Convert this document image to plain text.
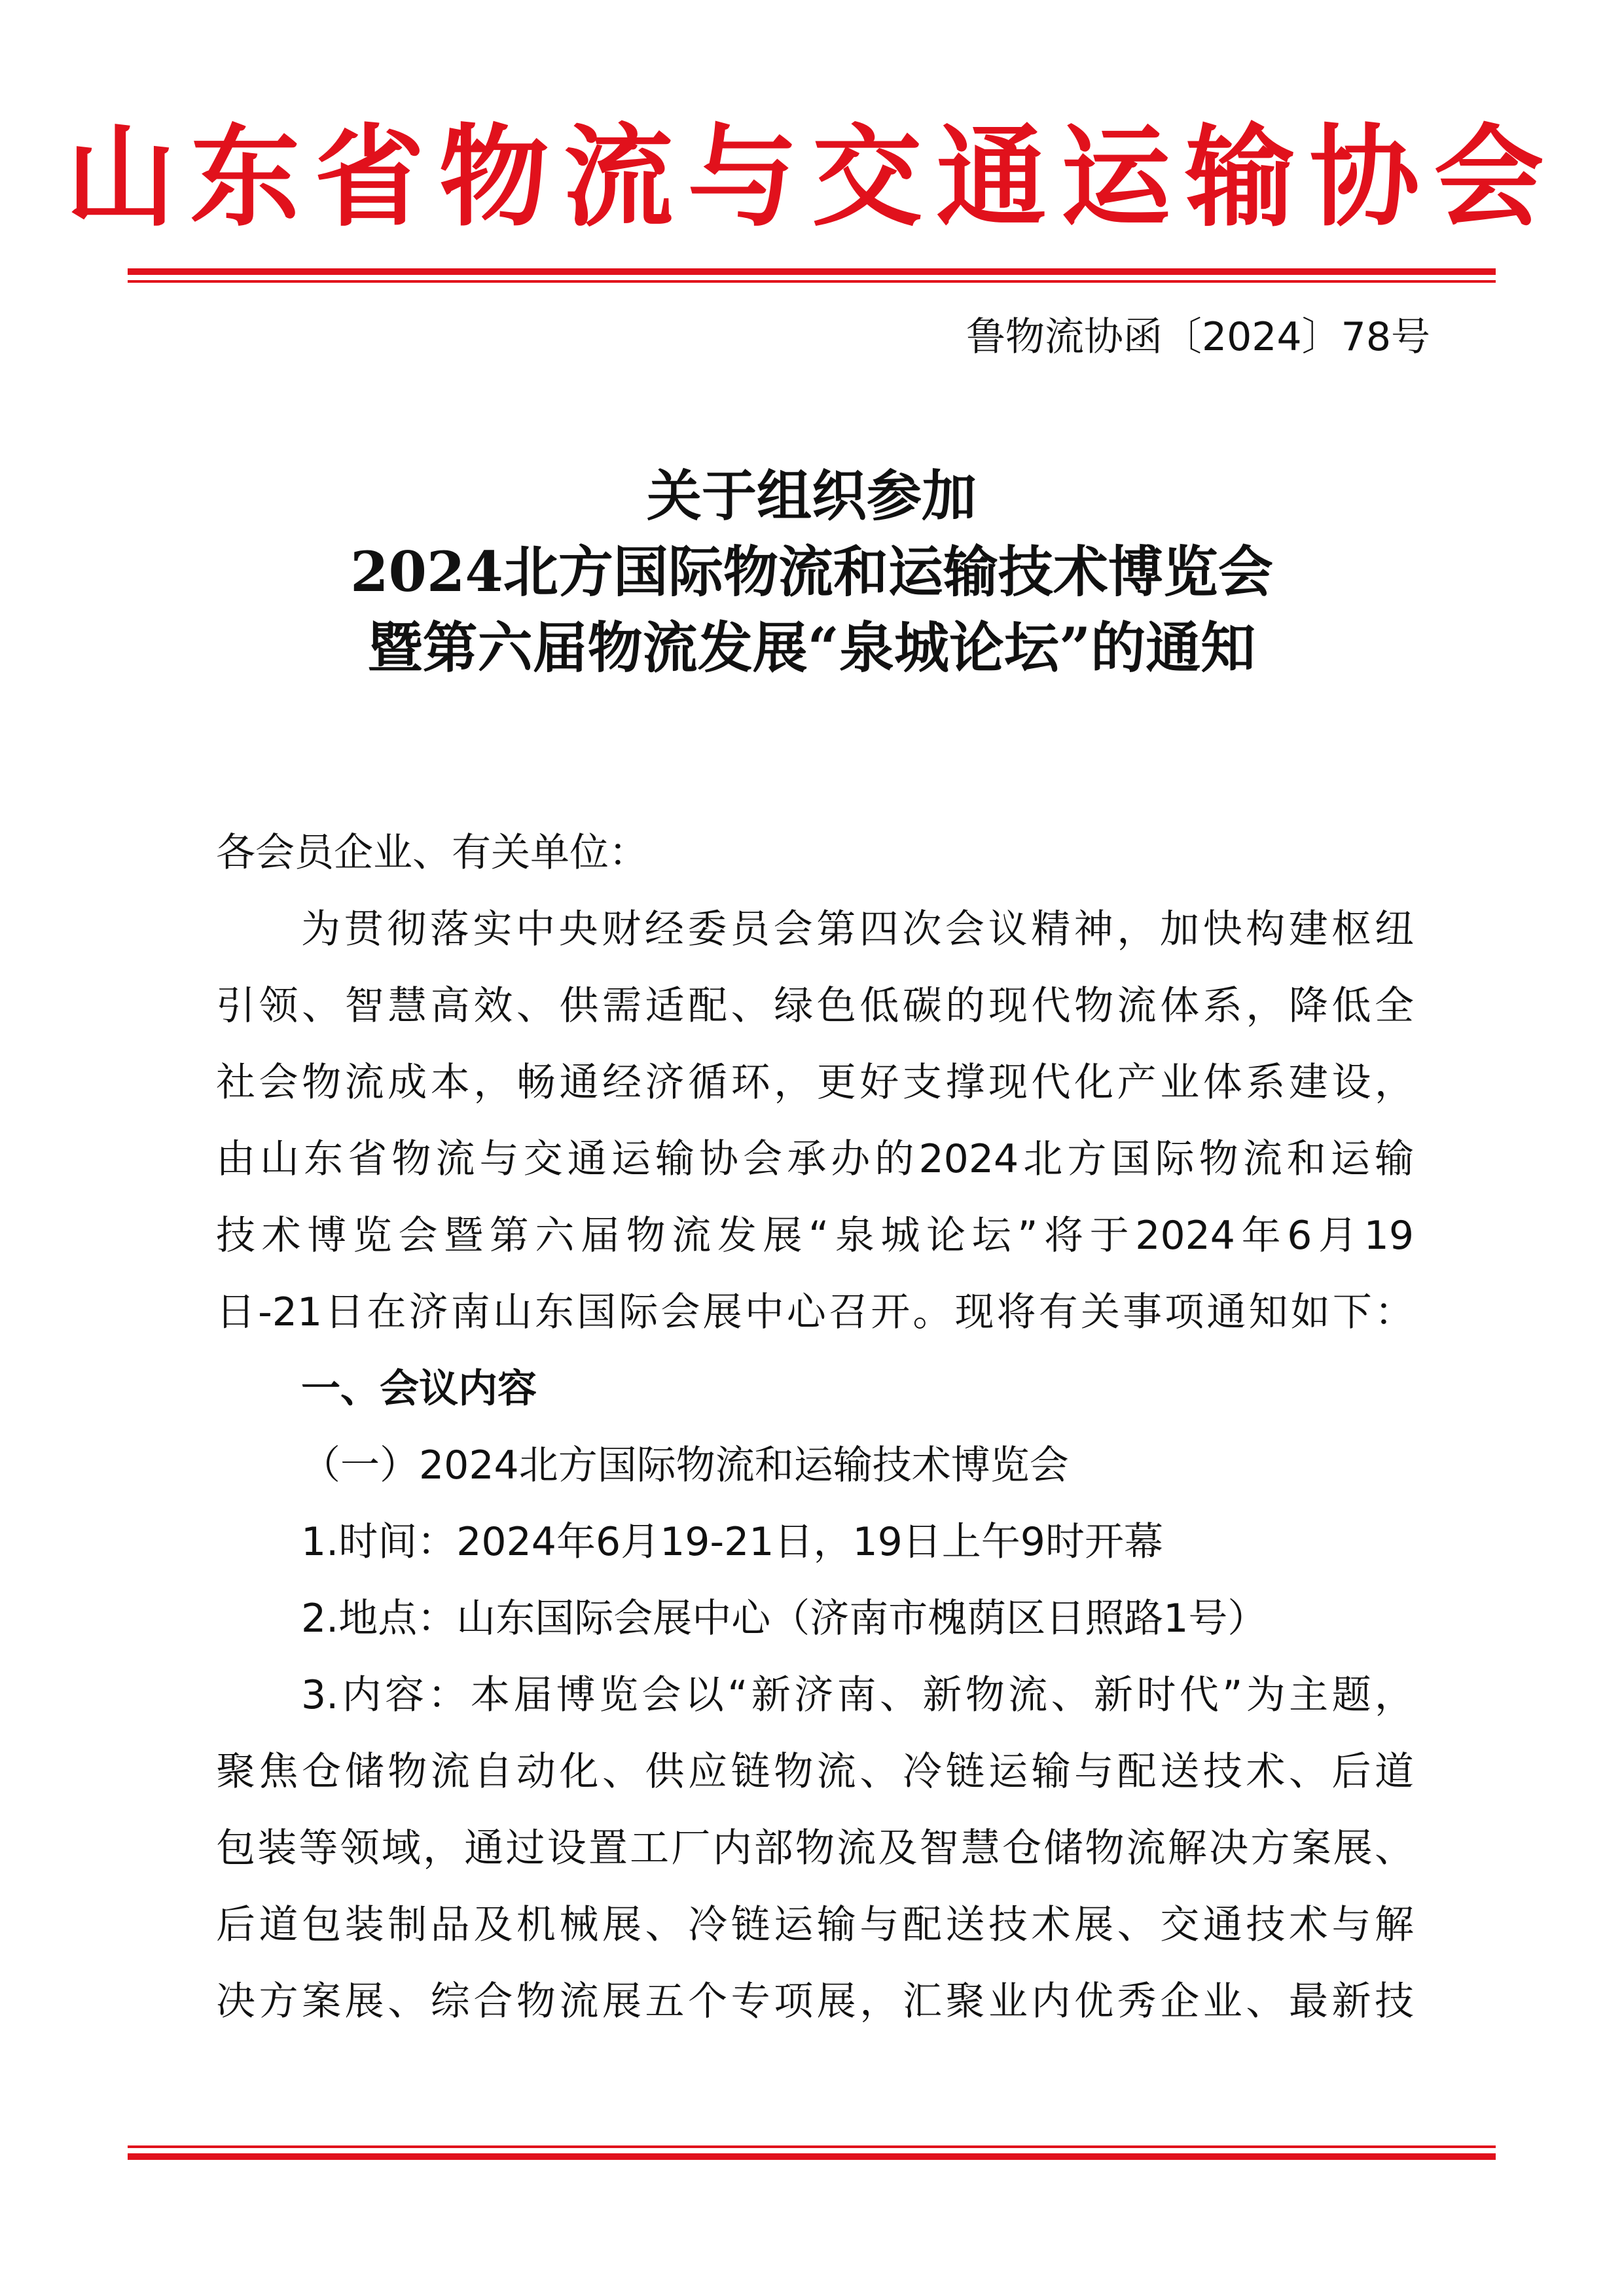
山东省物流与交通运输协会
鲁物流协函〔2024〕78号
关于组织参加
2024北方国际物流和运输技术博览会
暨第六届物流发展“泉城论坛”的通知
各会员企业、有关单位：
为贯彻落实中央财经委员会第四次会议精神，加快构建枢纽
引领、智慧高效、供需适配、绿色低碳的现代物流体系，降低全
社会物流成本，畅通经济循环，更好支撑现代化产业体系建设，
由山东省物流与交通运输协会承办的2024北方国际物流和运输
技术博览会暨第六届物流发展“泉城论坛”将于2024年6月19
日-21日在济南山东国际会展中心召开。现将有关事项通知如下：
一、会议内容
（一）2024北方国际物流和运输技术博览会
1.时间：2024年6月19-21日，19日上午9时开幕
2.地点：山东国际会展中心（济南市槐荫区日照路1号）
3.内容：本届博览会以“新济南、新物流、新时代”为主题，
聚焦仓储物流自动化、供应链物流、冷链运输与配送技术、后道
包装等领域，通过设置工厂内部物流及智慧仓储物流解决方案展、
后道包装制品及机械展、冷链运输与配送技术展、交通技术与解
决方案展、综合物流展五个专项展，汇聚业内优秀企业、最新技
